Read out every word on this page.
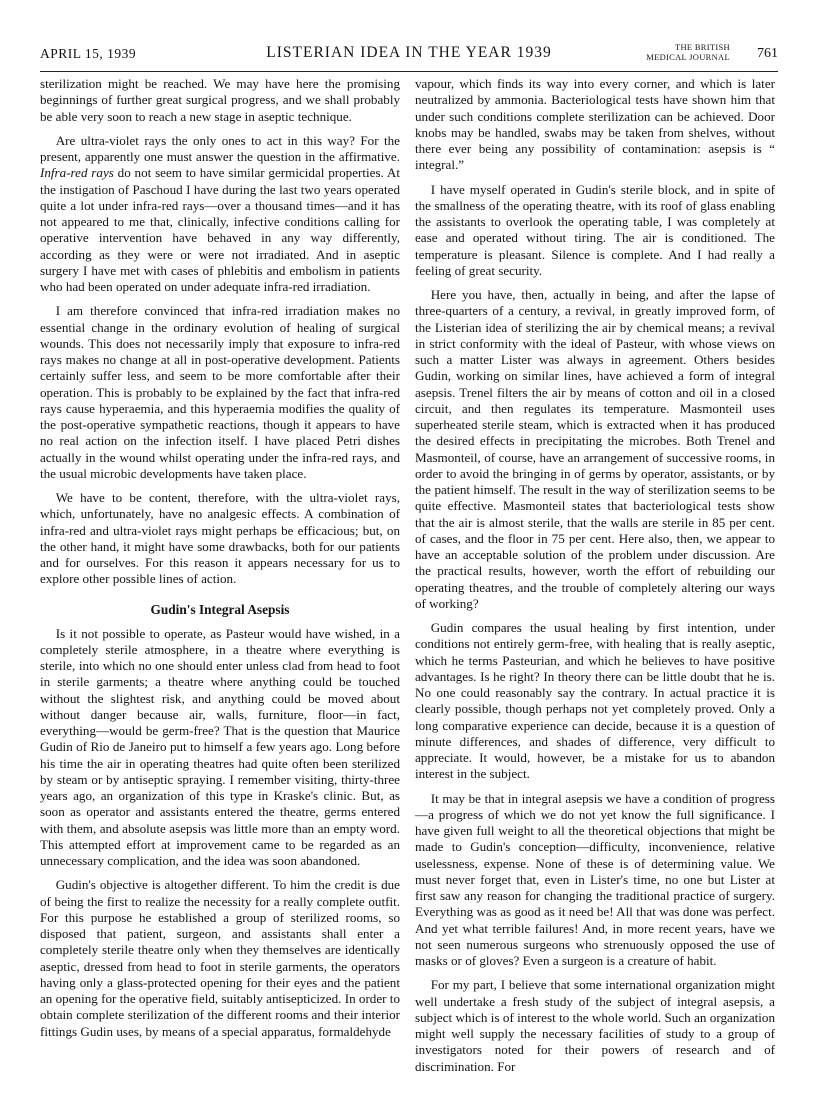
APRIL 15, 1939	LISTERIAN IDEA IN THE YEAR 1939	THE BRITISH
MEDICAL JOURNAL 761

sterilization might be reached. We may have here the promising beginnings of further great surgical progress, and we shall probably be able very soon to reach a new stage in aseptic technique.

Are ultra-violet rays the only ones to act in this way? For the present, apparently one must answer the question in the affirmative. Infra-red rays do not seem to have similar germicidal properties. At the instigation of Paschoud I have during the last two years operated quite a lot under infra-red rays—over a thousand times—and it has not appeared to me that, clinically, infective conditions calling for operative intervention have behaved in any way differently, according as they were or were not irradiated. And in aseptic surgery I have met with cases of phlebitis and embolism in patients who had been operated on under adequate infra-red irradiation.

I am therefore convinced that infra-red irradiation makes no essential change in the ordinary evolution of healing of surgical wounds. This does not necessarily imply that exposure to infra-red rays makes no change at all in post-operative development. Patients certainly suffer less, and seem to be more comfortable after their operation. This is probably to be explained by the fact that infra-red rays cause hyperaemia, and this hyperaemia modifies the quality of the post-operative sympathetic reactions, though it appears to have no real action on the infection itself. I have placed Petri dishes actually in the wound whilst operating under the infra-red rays, and the usual microbic developments have taken place.

We have to be content, therefore, with the ultra-violet rays, which, unfortunately, have no analgesic effects. A combination of infra-red and ultra-violet rays might perhaps be efficacious; but, on the other hand, it might have some drawbacks, both for our patients and for ourselves. For this reason it appears necessary for us to explore other possible lines of action.

Gudin's Integral Asepsis

Is it not possible to operate, as Pasteur would have wished, in a completely sterile atmosphere, in a theatre where everything is sterile, into which no one should enter unless clad from head to foot in sterile garments; a theatre where anything could be touched without the slightest risk, and anything could be moved about without danger because air, walls, furniture, floor—in fact, everything—would be germ-free? That is the question that Maurice Gudin of Rio de Janeiro put to himself a few years ago. Long before his time the air in operating theatres had quite often been sterilized by steam or by antiseptic spraying. I remember visiting, thirty-three years ago, an organization of this type in Kraske's clinic. But, as soon as operator and assistants entered the theatre, germs entered with them, and absolute asepsis was little more than an empty word. This attempted effort at improvement came to be regarded as an unnecessary complication, and the idea was soon abandoned.

Gudin's objective is altogether different. To him the credit is due of being the first to realize the necessity for a really complete outfit. For this purpose he established a group of sterilized rooms, so disposed that patient, surgeon, and assistants shall enter a completely sterile theatre only when they themselves are identically aseptic, dressed from head to foot in sterile garments, the operators having only a glass-protected opening for their eyes and the patient an opening for the operative field, suitably antisepticized. In order to obtain complete sterilization of the different rooms and their interior fittings Gudin uses, by means of a special apparatus, formaldehyde

vapour, which finds its way into every corner, and which is later neutralized by ammonia. Bacteriological tests have shown him that under such conditions complete sterilization can be achieved. Door knobs may be handled, swabs may be taken from shelves, without there ever being any possibility of contamination: asepsis is “ integral.”

I have myself operated in Gudin's sterile block, and in spite of the smallness of the operating theatre, with its roof of glass enabling the assistants to overlook the operating table, I was completely at ease and operated without tiring. The air is conditioned. The temperature is pleasant. Silence is complete. And I had really a feeling of great security.

Here you have, then, actually in being, and after the lapse of three-quarters of a century, a revival, in greatly improved form, of the Listerian idea of sterilizing the air by chemical means; a revival in strict conformity with the ideal of Pasteur, with whose views on such a matter Lister was always in agreement. Others besides Gudin, working on similar lines, have achieved a form of integral asepsis. Trenel filters the air by means of cotton and oil in a closed circuit, and then regulates its temperature. Masmonteil uses superheated sterile steam, which is extracted when it has produced the desired effects in precipitating the microbes. Both Trenel and Masmonteil, of course, have an arrangement of successive rooms, in order to avoid the bringing in of germs by operator, assistants, or by the patient himself. The result in the way of sterilization seems to be quite effective. Masmonteil states that bacteriological tests show that the air is almost sterile, that the walls are sterile in 85 per cent. of cases, and the floor in 75 per cent. Here also, then, we appear to have an acceptable solution of the problem under discussion. Are the practical results, however, worth the effort of rebuilding our operating theatres, and the trouble of completely altering our ways of working?

Gudin compares the usual healing by first intention, under conditions not entirely germ-free, with healing that is really aseptic, which he terms Pasteurian, and which he believes to have positive advantages. Is he right? In theory there can be little doubt that he is. No one could reasonably say the contrary. In actual practice it is clearly possible, though perhaps not yet completely proved. Only a long comparative experience can decide, because it is a question of minute differences, and shades of difference, very difficult to appreciate. It would, however, be a mistake for us to abandon interest in the subject.

It may be that in integral asepsis we have a condition of progress—a progress of which we do not yet know the full significance. I have given full weight to all the theoretical objections that might be made to Gudin's conception—difficulty, inconvenience, relative uselessness, expense. None of these is of determining value. We must never forget that, even in Lister's time, no one but Lister at first saw any reason for changing the traditional practice of surgery. Everything was as good as it need be! All that was done was perfect. And yet what terrible failures! And, in more recent years, have we not seen numerous surgeons who strenuously opposed the use of masks or of gloves? Even a surgeon is a creature of habit.

For my part, I believe that some international organization might well undertake a fresh study of the subject of integral asepsis, a subject which is of interest to the whole world. Such an organization might well supply the necessary facilities of study to a group of investigators noted for their powers of research and of discrimination. For
